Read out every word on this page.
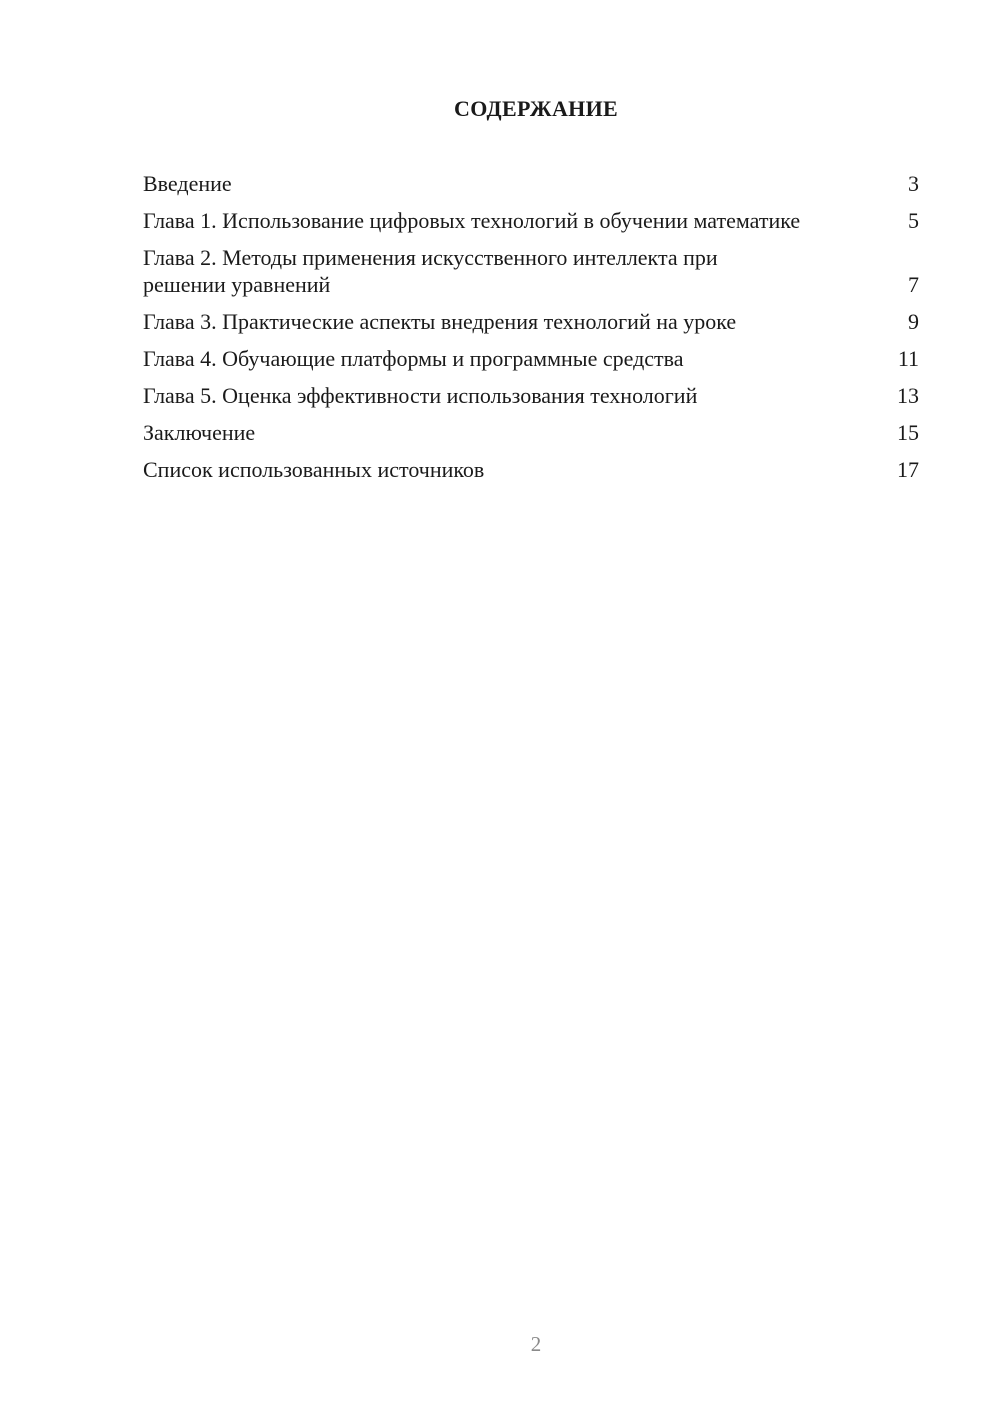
СОДЕРЖАНИЕ
Введение	3
Глава 1. Использование цифровых технологий в обучении математике	5
Глава 2. Методы применения искусственного интеллекта при решении уравнений	7
Глава 3. Практические аспекты внедрения технологий на уроке	9
Глава 4. Обучающие платформы и программные средства	11
Глава 5. Оценка эффективности использования технологий	13
Заключение	15
Список использованных источников	17
2
